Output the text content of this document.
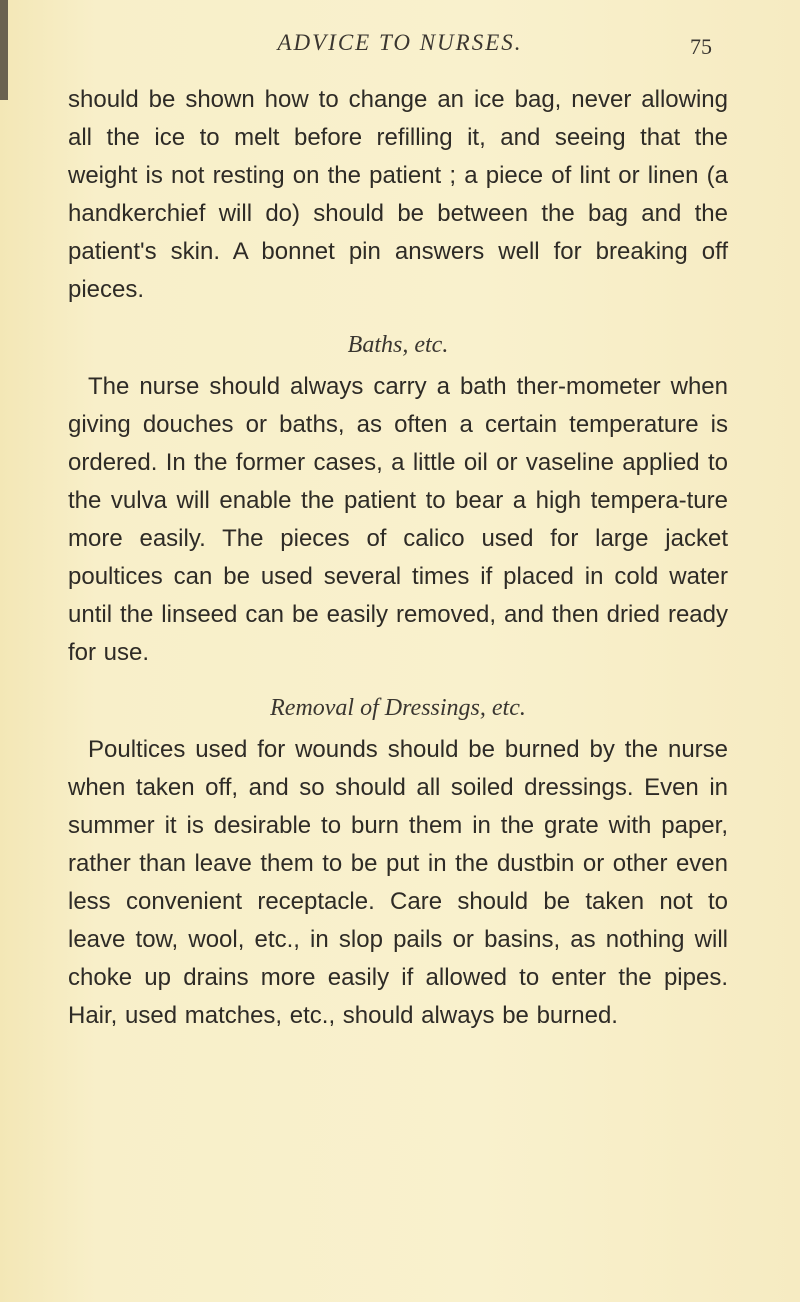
ADVICE TO NURSES.	75

should be shown how to change an ice bag, never allowing all the ice to melt before refilling it, and seeing that the weight is not resting on the patient ; a piece of lint or linen (a handkerchief will do) should be between the bag and the patient's skin. A bonnet pin answers well for breaking off pieces.

Baths, etc.

The nurse should always carry a bath ther-mometer when giving douches or baths, as often a certain temperature is ordered. In the former cases, a little oil or vaseline applied to the vulva will enable the patient to bear a high tempera-ture more easily. The pieces of calico used for large jacket poultices can be used several times if placed in cold water until the linseed can be easily removed, and then dried ready for use.

Removal of Dressings, etc.

Poultices used for wounds should be burned by the nurse when taken off, and so should all soiled dressings. Even in summer it is desirable to burn them in the grate with paper, rather than leave them to be put in the dustbin or other even less convenient receptacle. Care should be taken not to leave tow, wool, etc., in slop pails or basins, as nothing will choke up drains more easily if allowed to enter the pipes. Hair, used matches, etc., should always be burned.
